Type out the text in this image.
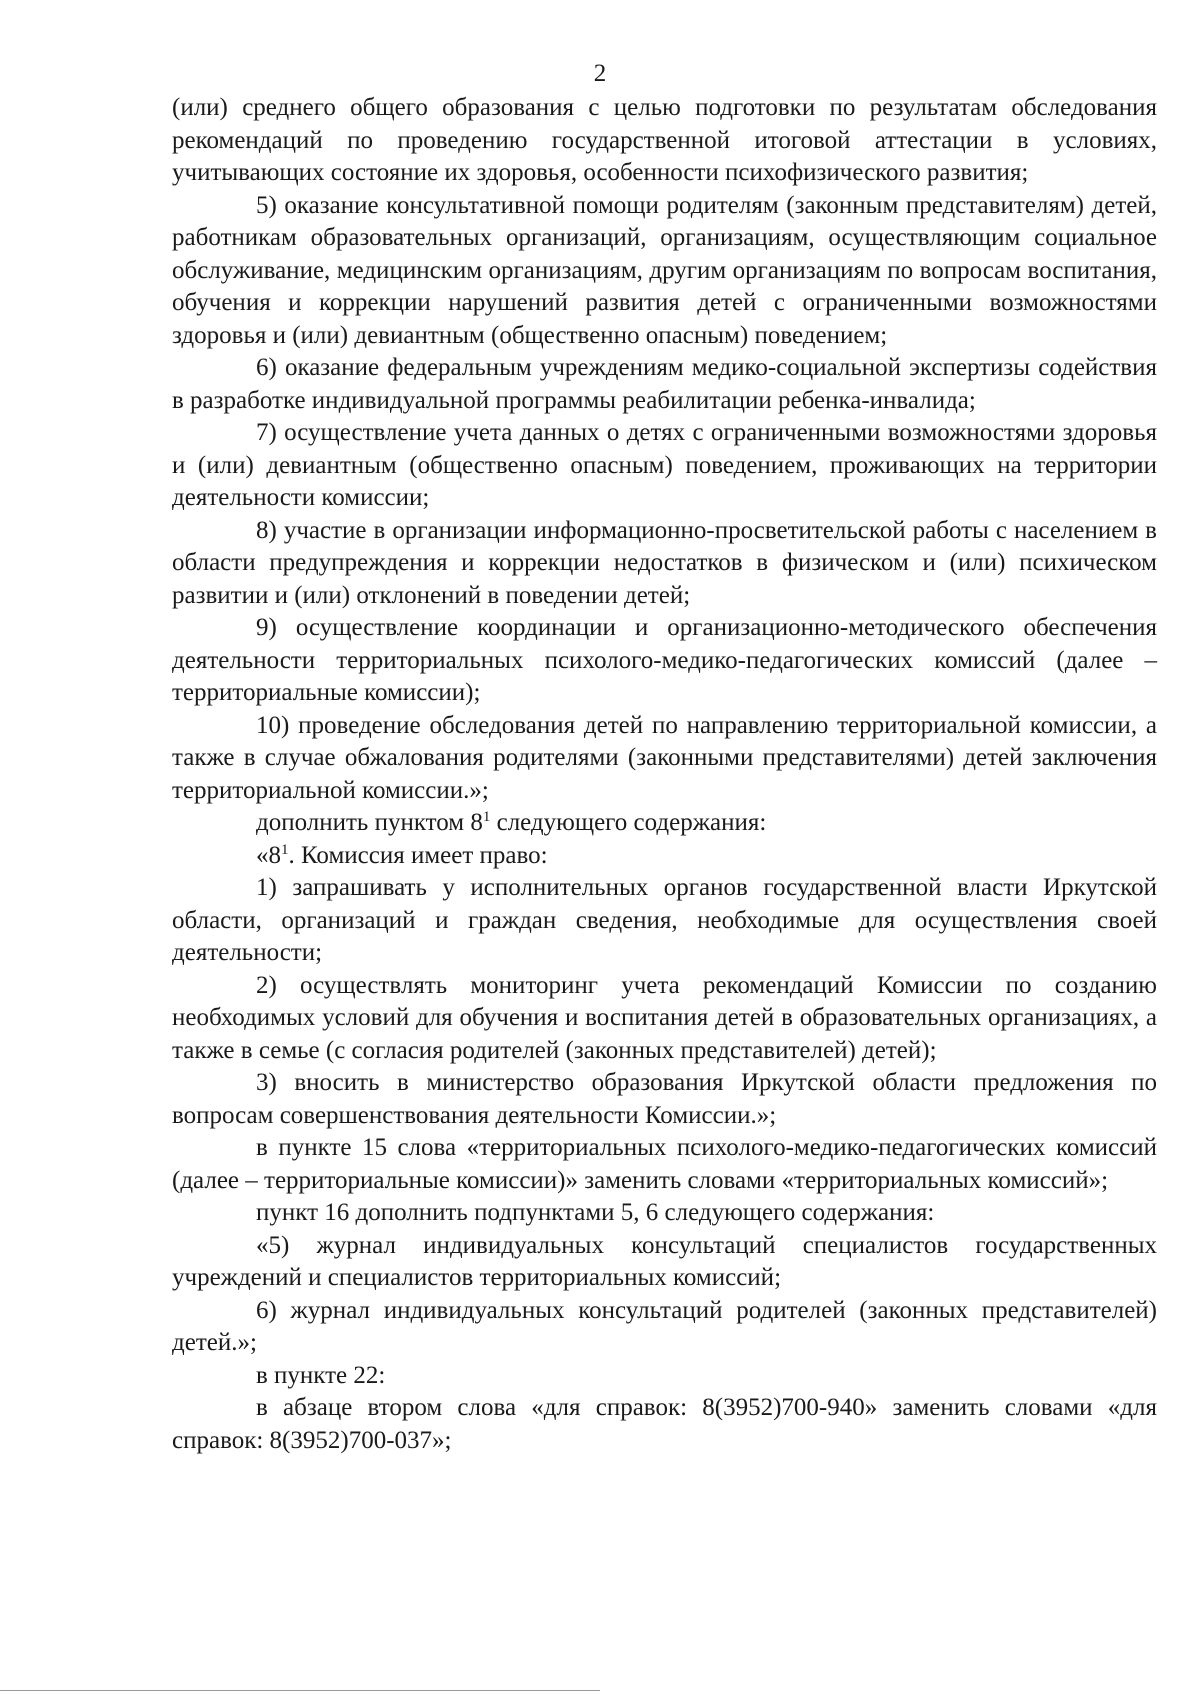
2

(или) среднего общего образования с целью подготовки по результатам обследования рекомендаций по проведению государственной итоговой аттестации в условиях, учитывающих состояние их здоровья, особенности психофизического развития;

5) оказание консультативной помощи родителям (законным представителям) детей, работникам образовательных организаций, организациям, осуществляющим социальное обслуживание, медицинским организациям, другим организациям по вопросам воспитания, обучения и коррекции нарушений развития детей с ограниченными возможностями здоровья и (или) девиантным (общественно опасным) поведением;

6) оказание федеральным учреждениям медико-социальной экспертизы содействия в разработке индивидуальной программы реабилитации ребенка-инвалида;

7) осуществление учета данных о детях с ограниченными возможностями здоровья и (или) девиантным (общественно опасным) поведением, проживающих на территории деятельности комиссии;

8) участие в организации информационно-просветительской работы с населением в области предупреждения и коррекции недостатков в физическом и (или) психическом развитии и (или) отклонений в поведении детей;

9) осуществление координации и организационно-методического обеспечения деятельности территориальных психолого-медико-педагогических комиссий (далее – территориальные комиссии);

10) проведение обследования детей по направлению территориальной комиссии, а также в случае обжалования родителями (законными представителями) детей заключения территориальной комиссии.»;

дополнить пунктом $8^1$ следующего содержания:

«$8^1$. Комиссия имеет право:

1) запрашивать у исполнительных органов государственной власти Иркутской области, организаций и граждан сведения, необходимые для осуществления своей деятельности;

2) осуществлять мониторинг учета рекомендаций Комиссии по созданию необходимых условий для обучения и воспитания детей в образовательных организациях, а также в семье (с согласия родителей (законных представителей) детей);

3) вносить в министерство образования Иркутской области предложения по вопросам совершенствования деятельности Комиссии.»;

в пункте 15 слова «территориальных психолого-медико-педагогических комиссий (далее – территориальные комиссии)» заменить словами «территориальных комиссий»;

пункт 16 дополнить подпунктами 5, 6 следующего содержания:

«5) журнал индивидуальных консультаций специалистов государственных учреждений и специалистов территориальных комиссий;

6) журнал индивидуальных консультаций родителей (законных представителей) детей.»;

в пункте 22:

в абзаце втором слова «для справок: 8(3952)700-940» заменить словами «для справок: 8(3952)700-037»;
